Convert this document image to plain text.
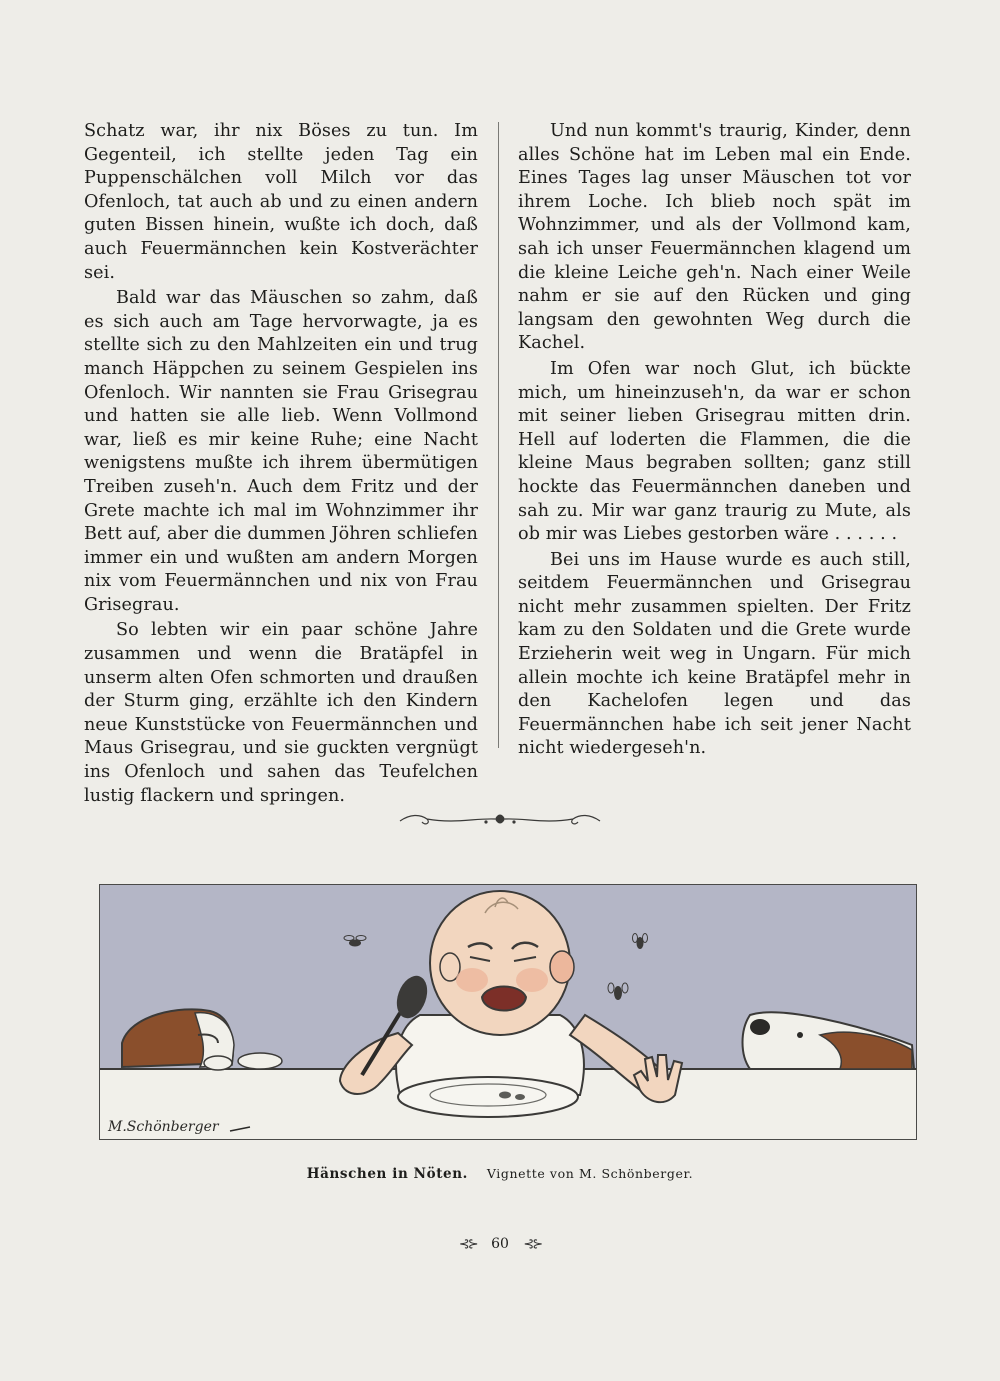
Schatz war, ihr nix Böses zu tun. Im Gegenteil, ich stellte jeden Tag ein Puppenschälchen voll Milch vor das Ofenloch, tat auch ab und zu einen andern guten Bissen hinein, wußte ich doch, daß auch Feuermännchen kein Kostverächter sei.

Bald war das Mäuschen so zahm, daß es sich auch am Tage hervorwagte, ja es stellte sich zu den Mahlzeiten ein und trug manch Häppchen zu seinem Gespielen ins Ofenloch. Wir nannten sie Frau Grisegrau und hatten sie alle lieb. Wenn Vollmond war, ließ es mir keine Ruhe; eine Nacht wenigstens mußte ich ihrem übermütigen Treiben zuseh'n. Auch dem Fritz und der Grete machte ich mal im Wohnzimmer ihr Bett auf, aber die dummen Jöhren schliefen immer ein und wußten am andern Morgen nix vom Feuermännchen und nix von Frau Grisegrau.

So lebten wir ein paar schöne Jahre zusammen und wenn die Bratäpfel in unserm alten Ofen schmorten und draußen der Sturm ging, erzählte ich den Kindern neue Kunststücke von Feuermännchen und Maus Grisegrau, und sie guckten vergnügt ins Ofenloch und sahen das Teufelchen lustig flackern und springen.

Und nun kommt's traurig, Kinder, denn alles Schöne hat im Leben mal ein Ende. Eines Tages lag unser Mäuschen tot vor ihrem Loche. Ich blieb noch spät im Wohnzimmer, und als der Vollmond kam, sah ich unser Feuermännchen klagend um die kleine Leiche geh'n. Nach einer Weile nahm er sie auf den Rücken und ging langsam den gewohnten Weg durch die Kachel.

Im Ofen war noch Glut, ich bückte mich, um hineinzuseh'n, da war er schon mit seiner lieben Grisegrau mitten drin. Hell auf loderten die Flammen, die die kleine Maus begraben sollten; ganz still hockte das Feuermännchen daneben und sah zu. Mir war ganz traurig zu Mute, als ob mir was Liebes gestorben wäre . . . . . .

Bei uns im Hause wurde es auch still, seitdem Feuermännchen und Grisegrau nicht mehr zusammen spielten. Der Fritz kam zu den Soldaten und die Grete wurde Erzieherin weit weg in Ungarn. Für mich allein mochte ich keine Bratäpfel mehr in den Kachelofen legen und das Feuermännchen habe ich seit jener Nacht nicht wiedergeseh'n.

M.Schönberger
Hänschen in Nöten. Vignette von M. Schönberger.
⊰⊱ 60 ⊰⊱
